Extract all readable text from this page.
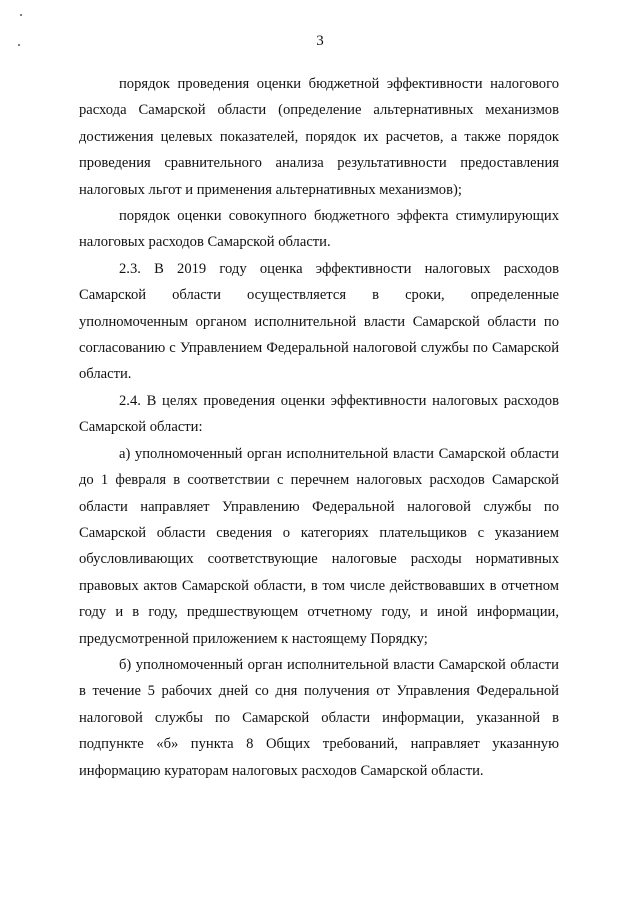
3

порядок проведения оценки бюджетной эффективности налогового расхода Самарской области (определение альтернативных механизмов достижения целевых показателей, порядок их расчетов, а также порядок проведения сравнительного анализа результативности предоставления налоговых льгот и применения альтернативных механизмов);

порядок оценки совокупного бюджетного эффекта стимулирующих налоговых расходов Самарской области.

2.3. В 2019 году оценка эффективности налоговых расходов Самарской области осуществляется в сроки, определенные уполномоченным органом исполнительной власти Самарской области по согласованию с Управлением Федеральной налоговой службы по Самарской области.

2.4. В целях проведения оценки эффективности налоговых расходов Самарской области:

а) уполномоченный орган исполнительной власти Самарской области до 1 февраля в соответствии с перечнем налоговых расходов Самарской области направляет Управлению Федеральной налоговой службы по Самарской области сведения о категориях плательщиков с указанием обусловливающих соответствующие налоговые расходы нормативных правовых актов Самарской области, в том числе действовавших в отчетном году и в году, предшествующем отчетному году, и иной информации, предусмотренной приложением к настоящему Порядку;

б) уполномоченный орган исполнительной власти Самарской области в течение 5 рабочих дней со дня получения от Управления Федеральной налоговой службы по Самарской области информации, указанной в подпункте «б» пункта 8 Общих требований, направляет указанную информацию кураторам налоговых расходов Самарской области.
